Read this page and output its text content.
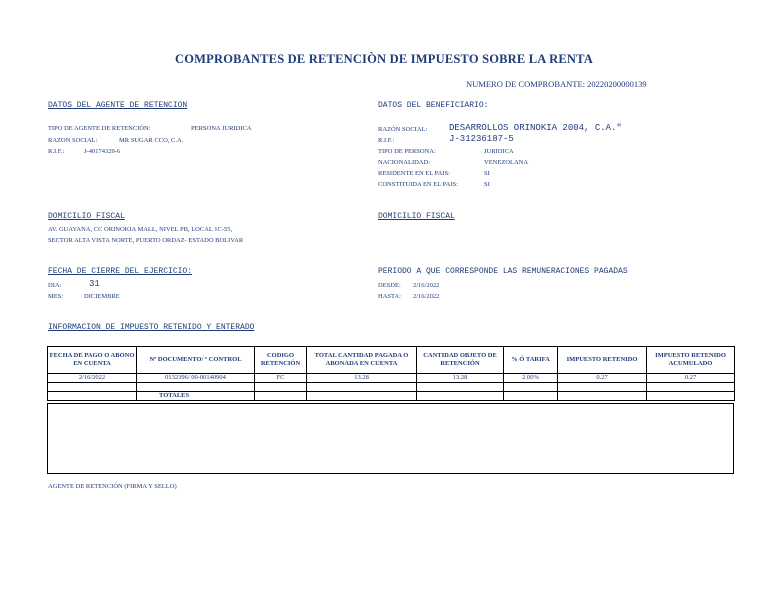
COMPROBANTES DE RETENCIÒN DE IMPUESTO SOBRE LA RENTA
NUMERO DE COMPROBANTE: 20220200000139
DATOS DEL AGENTE DE RETENCION
TIPO DE AGENTE DE RETENCIÓN:	PERSONA JURIDICA
RAZON SOCIAL:	MR SUGAR CCO, C.A.
R.I.F.:	J-40174329-6
DATOS DEL BENEFICIARIO:
RAZÓN SOCIAL: DESARROLLOS ORINOKIA 2004, C.A."
R.I.F.:	J-31236187-5
TIPO DE PERSONA:	JURIDICA
NACIONALIDAD:	VENEZOLANA
RESIDENTE EN EL PAIS:	SI
CONSTITUIDA EN EL PAIS:	SI
DOMICILIO FISCAL
AV. GUAYANA, CC ORINOKIA MALL, NIVEL PB, LOCAL 1C-55,
SECTOR ALTA VISTA NORTE, PUERTO ORDAZ- ESTADO BOLIVAR
DOMICILIO FISCAL
FECHA DE CIERRE DEL EJERCICIO:
DIA:	31
MES:	DICIEMBRE
PERIODO A QUE CORRESPONDE LAS REMUNERACIONES PAGADAS
DESDE: 2/16/2022
HASTA: 2/16/2022
INFORMACION DE IMPUESTO RETENIDO Y ENTERADO
FECHA DE PAGO O ABONO EN CUENTA	Nº DOCUMENTO/ º CONTROL	CODIGO RETENCIÓN	TOTAL CANTIDAD PAGADA O ABONADA EN CUENTA	CANTIDAD OBJETO DE RETENCIÓN	% Ó TARIFA	IMPUESTO RETENIDO	IMPUESTO RETENIDO ACUMULADO
2/16/2022	0132396/ 00-00140904	FC	13.28	13.28	2.00%	0.27	0.27

	TOTALES						
AGENTE DE RETENCIÓN (FIRMA Y SELLO)
